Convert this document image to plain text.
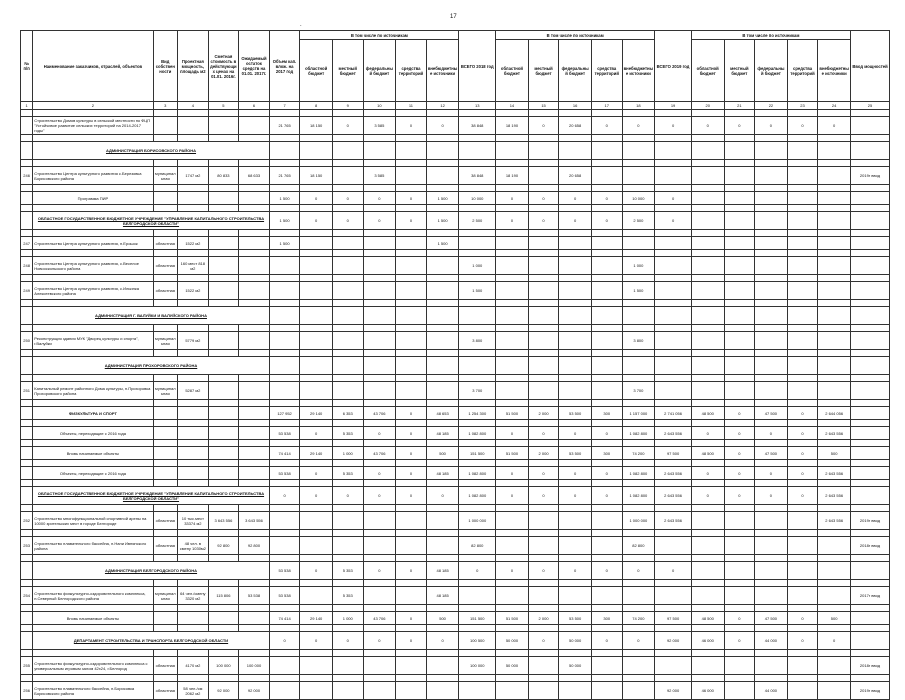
17
.
№ п/п	Наименование заказчиков, отраслей, объектов	Вид собственности	Проектная мощность, площадь м2	Сметная стоимость в действующих ценах на 01.01. 2016г.	Ожидаемый остаток средств на 01.01. 2017г.	Объем кап. влож. на 2017 год	В том числе по источникам					ВСЕГО 2018 год	В том числе по источникам					ВСЕГО 2019 год	В том числе по источникам					Ввод мощностей
							областной бюджет	местный бюджет	федеральный бюджет	средства территорий	внебюджетные источники		областной бюджет	местный бюджет	федеральный бюджет	средства территорий	внебюджетные источники		областной бюджет	местный бюджет	федеральный бюджет	средства территорий	внебюджетные источники	
1	2	3	4	5	6	7	8	9	10	11	12	13	14	15	16	17	18	19	20	21	22	23	24	25

	Строительство Домов культуры в сельской местности по ФЦП "Устойчивое развитие сельских территорий на 2014-2017 годы"					21 765	18 150	0	3 585	0	0	38 848	18 190	0	20 658	0	0	0	0	0	0	0	0	

	АДМИНИСТРАЦИЯ БОРИСОВСКОГО РАЙОНА																							

246	Строительство Центра культурного развития с.Березовка Борисовского района	муниципальная	1747 м2	80 833	68 633	21 765	18 150		3 585			38 848	18 190		20 658									2019г ввод

	Программа ПИР					1 500	0	0	0	0	1 500	10 000	0	0	0	0	10 000	0						

	ОБЛАСТНОЕ ГОСУДАРСТВЕННОЕ БЮДЖЕТНОЕ УЧРЕЖДЕНИЕ "УПРАВЛЕНИЕ КАПИТАЛЬНОГО СТРОИТЕЛЬСТВА БЕЛГОРОДСКОЙ ОБЛАСТИ"					1 500	0	0	0	0	1 500	2 500	0	0	0	0	2 500	0						

247	Строительство Центра культурного развития, п.Ерошок	областная	1522 м2			1 500					1 500													

248	Строительство Центра культурного развития, с.Веселое Новооскольского района	областная	160 мест 818 м2									1 000					1 000							

249	Строительство Центра культурного развития, с.Ильинка Алексеевского района	областная	1522 м2									1 500					1 500							

	АДМИНИСТРАЦИЯ Г. ВАЛУЙКИ И ВАЛУЙСКОГО РАЙОНА																							

250	Реконструкция здания МУК "Дворец культуры и спорта", г.Валуйки	муниципальная	5779 м2									3 800					3 800							

	АДМИНИСТРАЦИЯ ПРОХОРОВСКОГО РАЙОНА																							

251	Капитальный ремонт районного Дома культуры, п.Прохоровка Прохоровского района	муниципальная	5287 м2									3 700					3 700							

	ФИЗКУЛЬТУРА И СПОРТ					127 952	29 140	6 353	43 706	0	48 653	1 254 300	51 500	2 000	53 500	300	1 157 000	2 741 056	48 500	0	47 500	0	2 644 056	

	Объекты, переходящие с 2016 года					53 538	0	5 353	0	0	48 185	1 082 800	0	0	0	0	1 082 800	2 643 556	0	0	0	0	2 643 556	

	Вновь начинаемые объекты					74 414	29 140	1 000	43 706	0	500	151 500	51 500	2 000	53 500	300	74 200	97 500	48 500	0	47 500	0	500	

	Объекты, переходящие с 2016 года					53 538	0	5 353	0	0	48 185	1 082 800	0	0	0	0	1 082 800	2 643 556	0	0	0	0	2 643 556	

	ОБЛАСТНОЕ ГОСУДАРСТВЕННОЕ БЮДЖЕТНОЕ УЧРЕЖДЕНИЕ "УПРАВЛЕНИЕ КАПИТАЛЬНОГО СТРОИТЕЛЬСТВА БЕЛГОРОДСКОЙ ОБЛАСТИ"					0	0	0	0	0	0	1 082 800	0	0	0	0	1 082 800	2 643 556	0	0	0	0	2 643 556	

252	Строительство многофункциональной спортивной арены на 10000 зрительских мест в городе Белгороде	областная	10 тыс.мест 33374 м2	3 643 556	3 643 556							1 000 000					1 000 000	2 643 556					2 643 556	2019г ввод

253	Строительство плавательного бассейна, п.Нани Ивнянского района	областная	48 чел. в смену 1030м2	92 800	92 800							82 800					82 800							2018г ввод

	АДМИНИСТРАЦИЯ БЕЛГОРОДСКОГО РАЙОНА					53 538	0	5 353	0	0	48 185	0	0	0	0	0	0	0						

254	Строительство физкультурно-оздоровительного комплекса, п.Северный Белгородского района	муниципальная	64 чел./смену 3320 м2	115 806	53 538	53 538		5 353			48 185													2017г ввод

	Вновь начинаемые объекты					74 414	29 140	1 000	43 706	0	500	151 500	51 500	2 000	53 500	300	74 200	97 500	48 500	0	47 500	0	500	

	ДЕПАРТАМЕНТ СТРОИТЕЛЬСТВА И ТРАНСПОРТА БЕЛГОРОДСКОЙ ОБЛАСТИ					0	0	0	0	0	0	100 500	50 000	0	50 000	0	0	92 000	46 000	0	44 000	0	0	

255	Строительство физкультурно-оздоровительного комплекса с универсальным игровым залом 42х24, г.Белгород	областная	4170 м2	100 000	100 000							100 000	50 000		50 000									2018г ввод

256	Строительство плавательного бассейна, п.Борисовка Борисовского района	областная	58 чел./см 2062 м2	92 000	92 000													92 000	46 000		44 000			2019г ввод
